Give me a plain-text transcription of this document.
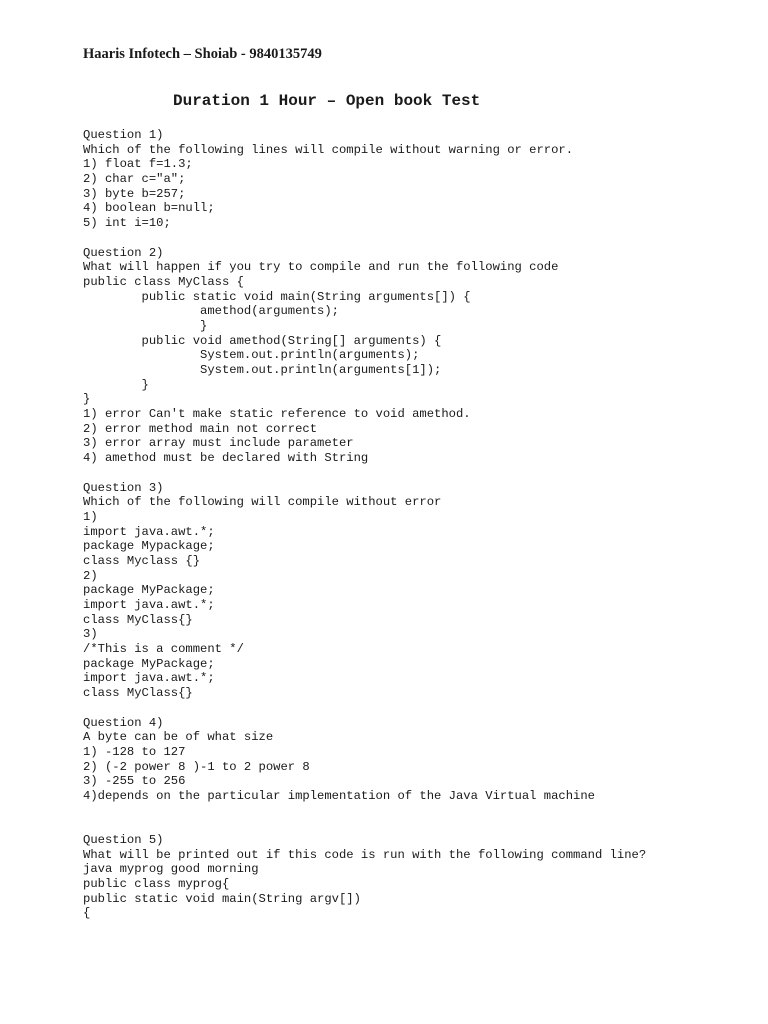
Haaris Infotech – Shoiab - 9840135749
Duration 1 Hour – Open book Test
Question 1)
Which of the following lines will compile without warning or error.
1) float f=1.3;
2) char c="a";
3) byte b=257;
4) boolean b=null;
5) int i=10;
Question 2)
What will happen if you try to compile and run the following code
public class MyClass {
public static void main(String arguments[]) {
amethod(arguments);
}
public void amethod(String[] arguments) {
System.out.println(arguments);
System.out.println(arguments[1]);
}
}
1) error Can't make static reference to void amethod.
2) error method main not correct
3) error array must include parameter
4) amethod must be declared with String
Question 3)
Which of the following will compile without error
1)
import java.awt.*;
package Mypackage;
class Myclass {}
2)
package MyPackage;
import java.awt.*;
class MyClass{}
3)
/*This is a comment */
package MyPackage;
import java.awt.*;
class MyClass{}
Question 4)
A byte can be of what size
1) -128 to 127
2) (-2 power 8 )-1 to 2 power 8
3) -255 to 256
4)depends on the particular implementation of the Java Virtual machine
Question 5)
What will be printed out if this code is run with the following command line?
java myprog good morning
public class myprog{
public static void main(String argv[])
{
